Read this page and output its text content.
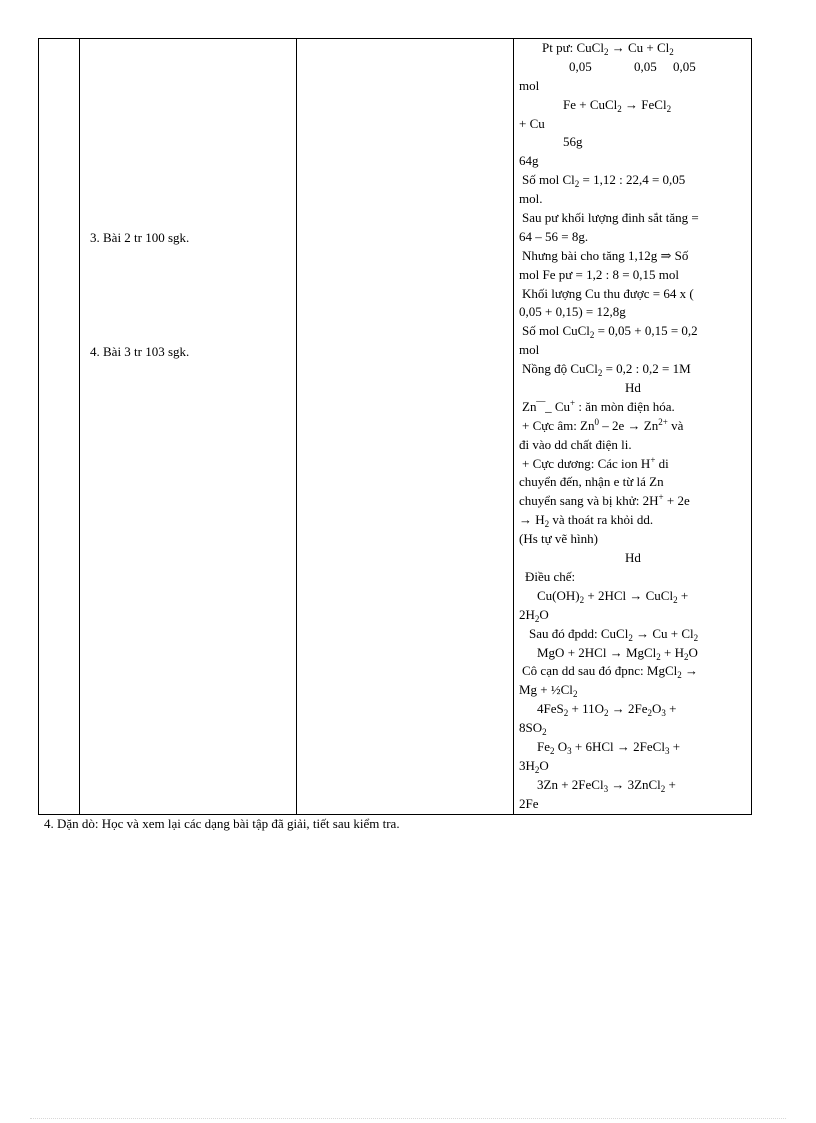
3. Bài 2 tr 100 sgk.
4. Bài 3 tr 103 sgk.

Pt pư: CuCl$_2$ → $Cu + Cl_2$
0,05             0,05     0,05
mol
Fe + CuCl$_2$ → FeCl$_2$
+ Cu
56g
64g
Số mol $Cl_2 = 1,12$ : 22,4 = 0,05
mol.
Sau pư khối lượng đinh sắt tăng =
64 – 56 = 8g.
Nhưng bài cho tăng 1,12g ⇒ Số
mol Fe pư = 1,2 : 8 = 0,15 mol
Khối lượng Cu thu được = 64 x (
0,05 + 0,15) = 12,8g
Số mol CuCl$_2$ = 0,05 + 0,15 = 0,2
mol
Nồng độ CuCl$_2$ = 0,2 : 0,2 = 1M
Hd
Zn‾‾_ Cu+ : ăn mòn điện hóa.
+ Cực âm: $Zn^0 - 2e \to Zn^{2+}$ và
đi vào dd chất điện li.
+ Cực dương: Các ion H+ di
chuyển đến, nhận e từ lá Zn
chuyển sang và bị khử: 2H+ + 2e
→ $H_2$ và thoát ra khỏi dd.
(Hs tự vẽ hình)
Hd
Điều chế:
$Cu(OH)_2 + 2HCl$ → CuCl$_2$ +
$2H_2O$
Sau đó đpdd: CuCl$_2$ → $Cu + Cl_2$
MgO + 2HCl → MgCl$_2$ + $H_2O$
Cô cạn dd sau đó đpnc: MgCl$_2$ →
$Mg + \frac{1}{2}Cl_2$
$4FeS_2 + 11O_2 \to 2Fe_2O_3$ +
$8SO_2$
$Fe_2$ $O_3 + 6HCl$ → 2FeCl$_3$ +
$3H_2O$
3Zn + 2FeCl$_3$ → 3ZnCl$_2$ +
2Fe
4. Dặn dò: Học và xem lại các dạng bài tập đã giải, tiết sau kiểm tra.
